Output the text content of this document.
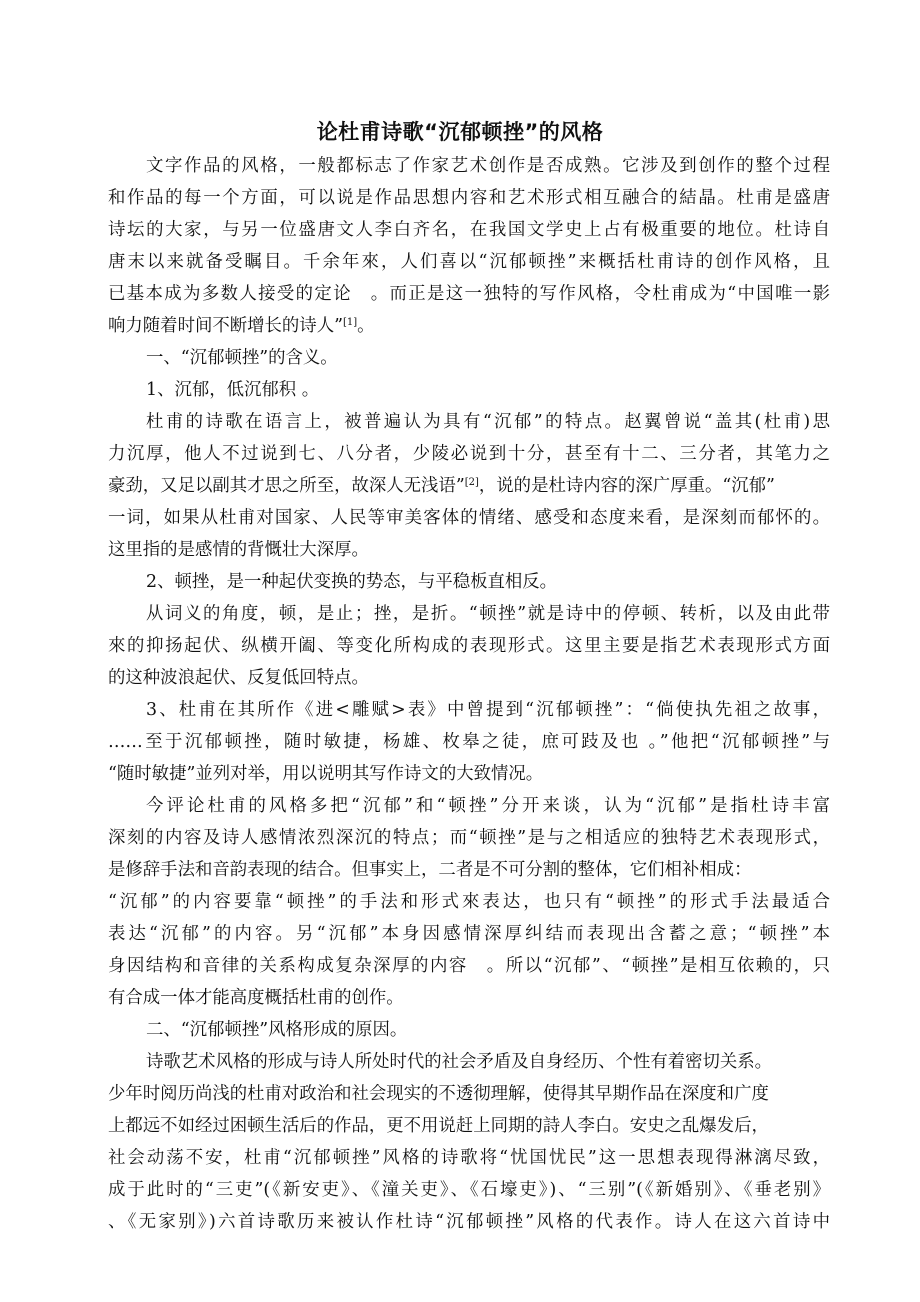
论杜甫诗歌“沉郁顿挫”的风格

文字作品的风格，一般都标志了作家艺术创作是否成熟。它涉及到创作的整个过程

和作品的每一个方面，可以说是作品思想内容和艺术形式相互融合的結晶。杜甫是盛唐

诗坛的大家，与另一位盛唐文人李白齐名，在我国文学史上占有极重要的地位。杜诗自

唐末以来就备受瞩目。千余年來，人们喜以“沉郁顿挫”来概括杜甫诗的创作风格，且

已基本成为多数人接受的定论　。而正是这一独特的写作风格，令杜甫成为“中国唯一影

响力随着时间不断增长的诗人”[1]。

一、“沉郁顿挫”的含义。

1、沉郁，低沉郁积 。

杜甫的诗歌在语言上，被普遍认为具有“沉郁”的特点。赵翼曾说“盖其(杜甫)思

力沉厚，他人不过说到七、八分者，少陵必说到十分，甚至有十二、三分者，其笔力之

豪劲，又足以副其才思之所至，故深人无浅语”[2]，说的是杜诗内容的深广厚重。“沉郁”

一词，如果从杜甫对国家、人民等审美客体的情绪、感受和态度来看，是深刻而郁怀的。

这里指的是感情的背慨壮大深厚。

2、顿挫，是一种起伏变换的势态，与平稳板直相反。

从词义的角度，顿，是止；挫，是折。“顿挫”就是诗中的停顿、转析，以及由此带

來的抑扬起伏、纵横开阖、等变化所构成的表现形式。这里主要是指艺术表现形式方面

的这种波浪起伏、反复低回特点。

3、杜甫在其所作《进<雕赋>表》中曾提到“沉郁顿挫”：“倘使执先祖之故事，

……至于沉郁顿挫，随时敏捷，杨雄、枚皋之徒，庶可跂及也 。”他把“沉郁顿挫”与

“随时敏捷”並列对举，用以说明其写作诗文的大致情况。

今评论杜甫的风格多把“沉郁”和“顿挫”分开来谈，认为“沉郁”是指杜诗丰富

深刻的内容及诗人感情浓烈深沉的特点；而“顿挫”是与之相适应的独特艺术表现形式，

是修辞手法和音韵表现的结合。但事实上，二者是不可分割的整体，它们相补相成：

“沉郁”的内容要靠“顿挫”的手法和形式來表达，也只有“顿挫”的形式手法最适合

表达“沉郁”的内容。另“沉郁”本身因感情深厚纠结而表现出含蓄之意；“顿挫”本

身因结构和音律的关系构成复杂深厚的内容　。所以“沉郁”、“顿挫”是相互依赖的，只

有合成一体才能高度概括杜甫的创作。

二、“沉郁顿挫”风格形成的原因。

诗歌艺术风格的形成与诗人所处时代的社会矛盾及自身经历、个性有着密切关系。

少年时阅历尚浅的杜甫对政治和社会现实的不透彻理解，使得其早期作品在深度和广度

上都远不如经过困顿生活后的作品，更不用说赶上同期的詩人李白。安史之乱爆发后，

社会动荡不安，杜甫“沉郁顿挫”风格的诗歌将“忧国忧民”这一思想表现得淋漓尽致，

成于此时的“三吏”(《新安吏》、《潼关吏》、《石壕吏》)、“三别”(《新婚别》、《垂老别》

、《无家别》)六首诗歌历来被认作杜诗“沉郁顿挫”风格的代表作。诗人在这六首诗中
